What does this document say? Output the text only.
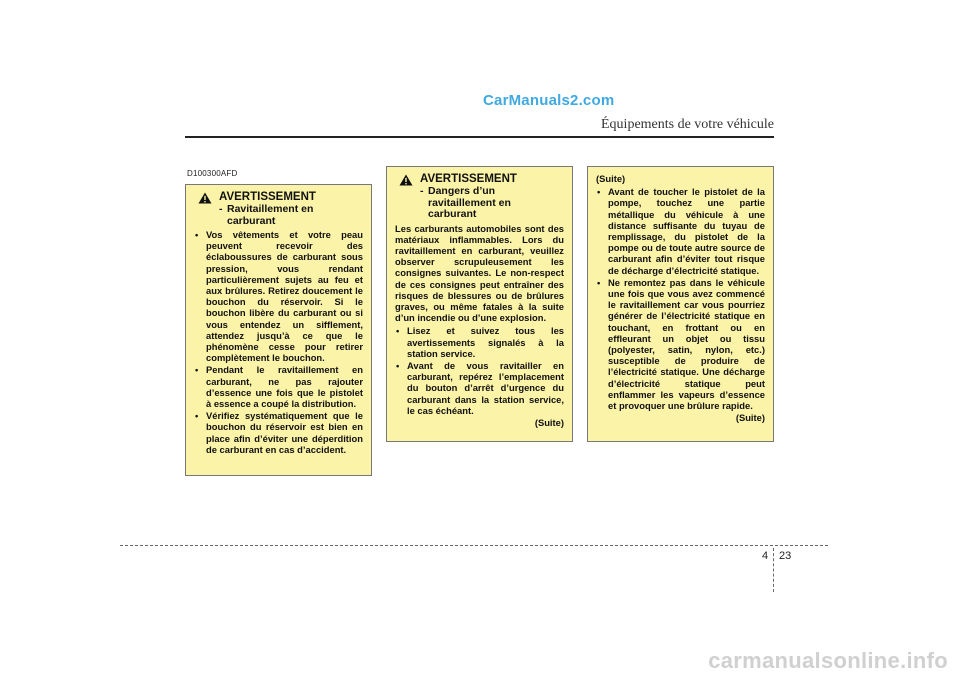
CarManuals2.com
Équipements de votre véhicule
D100300AFD
AVERTISSEMENT
- Ravitaillement en
carburant
• Vos vêtements et votre peau peuvent recevoir des éclaboussures de carburant sous pression, vous rendant particulièrement sujets au feu et aux brûlures. Retirez doucement le bouchon du réservoir. Si le bouchon libère du carburant ou si vous entendez un sifflement, attendez jusqu’à ce que le phénomène cesse pour retirer complètement le bouchon.
• Pendant le ravitaillement en carburant, ne pas rajouter d’essence une fois que le pistolet à essence a coupé la distribution.
• Vérifiez systématiquement que le bouchon du réservoir est bien en place afin d’éviter une déperdition de carburant en cas d’accident.
AVERTISSEMENT
- Dangers d’un
ravitaillement en
carburant
Les carburants automobiles sont des matériaux inflammables. Lors du ravitaillement en carburant, veuillez observer scrupuleusement les consignes suivantes. Le non-respect de ces consignes peut entraîner des risques de blessures ou de brûlures graves, ou même fatales à la suite d’un incendie ou d’une explosion.
• Lisez et suivez tous les avertissements signalés à la station service.
• Avant de vous ravitailler en carburant, repérez l’emplacement du bouton d’arrêt d’urgence du carburant dans la station service, le cas échéant.
(Suite)
(Suite)
• Avant de toucher le pistolet de la pompe, touchez une partie métallique du véhicule à une distance suffisante du tuyau de remplissage, du pistolet de la pompe ou de toute autre source de carburant afin d’éviter tout risque de décharge d’électricité statique.
• Ne remontez pas dans le véhicule une fois que vous avez commencé le ravitaillement car vous pourriez générer de l’électricité statique en touchant, en frottant ou en effleurant un objet ou tissu (polyester, satin, nylon, etc.) susceptible de produire de l’électricité statique. Une décharge d’électricité statique peut enflammer les vapeurs d’essence et provoquer une brûlure rapide.
(Suite)
4 23
carmanualsonline.info
